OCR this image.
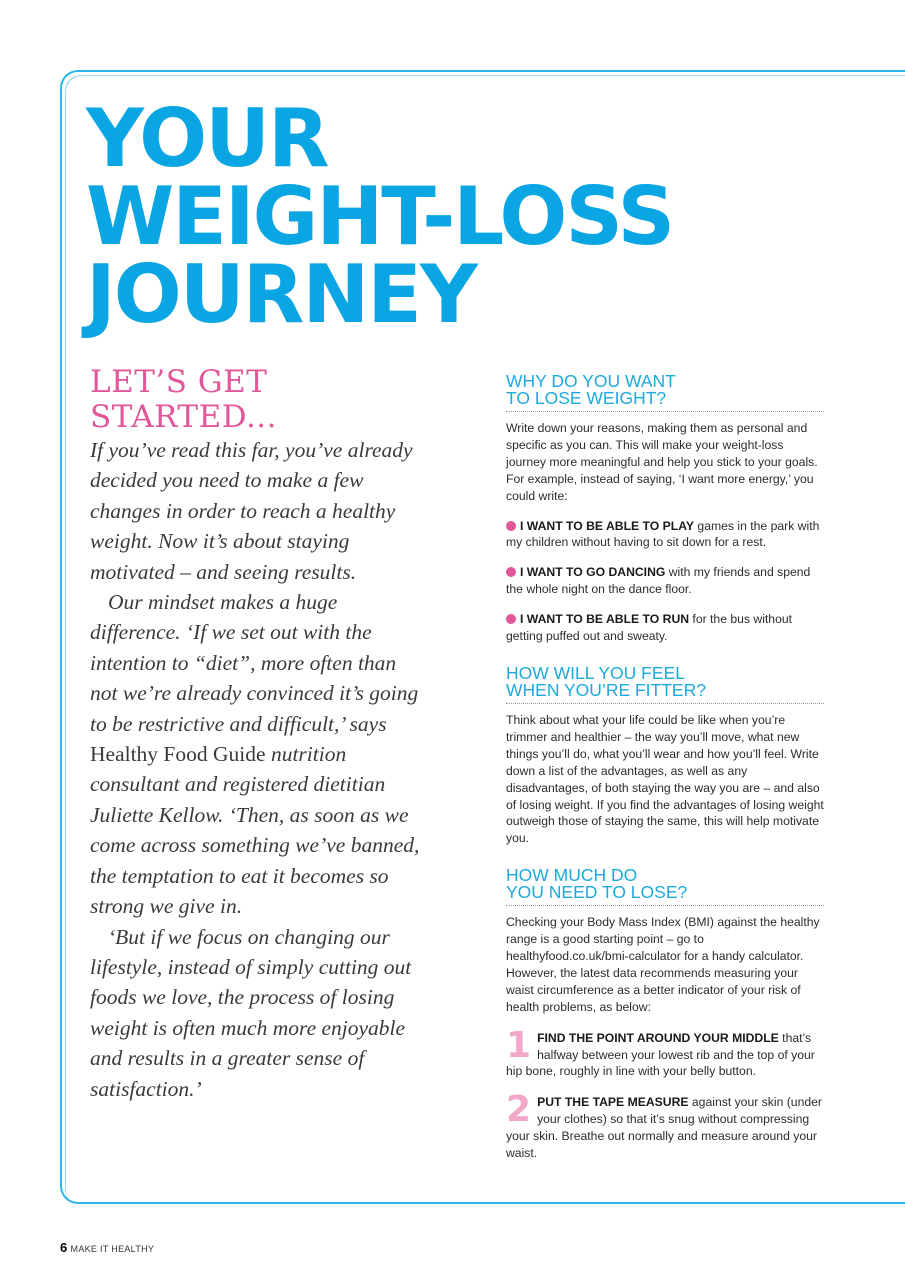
YOUR
WEIGHT-LOSS
JOURNEY
LET’S GET
STARTED...

If you’ve read this far, you’ve already decided you need to make a few changes in order to reach a healthy weight. Now it’s about staying motivated – and seeing results.

Our mindset makes a huge difference. ‘If we set out with the intention to “diet”, more often than not we’re already convinced it’s going to be restrictive and difficult,’ says Healthy Food Guide nutrition consultant and registered dietitian Juliette Kellow. ‘Then, as soon as we come across something we’ve banned, the temptation to eat it becomes so strong we give in.

‘But if we focus on changing our lifestyle, instead of simply cutting out foods we love, the process of losing weight is often much more enjoyable and results in a greater sense of satisfaction.’

WHY DO YOU WANT
TO LOSE WEIGHT?

Write down your reasons, making them as personal and specific as you can. This will make your weight-loss journey more meaningful and help you stick to your goals. For example, instead of saying, ‘I want more energy,’ you could write:

I WANT TO BE ABLE TO PLAY games in the park with my children without having to sit down for a rest.

I WANT TO GO DANCING with my friends and spend the whole night on the dance floor.

I WANT TO BE ABLE TO RUN for the bus without getting puffed out and sweaty.

HOW WILL YOU FEEL
WHEN YOU’RE FITTER?

Think about what your life could be like when you’re trimmer and healthier – the way you’ll move, what new things you’ll do, what you’ll wear and how you’ll feel. Write down a list of the advantages, as well as any disadvantages, of both staying the way you are – and also of losing weight. If you find the advantages of losing weight outweigh those of staying the same, this will help motivate you.

HOW MUCH DO
YOU NEED TO LOSE?

Checking your Body Mass Index (BMI) against the healthy range is a good starting point – go to healthyfood.co.uk/bmi-calculator for a handy calculator. However, the latest data recommends measuring your waist circumference as a better indicator of your risk of health problems, as below:

1 FIND THE POINT AROUND YOUR MIDDLE that’s halfway between your lowest rib and the top of your hip bone, roughly in line with your belly button.

2 PUT THE TAPE MEASURE against your skin (under your clothes) so that it’s snug without compressing your skin. Breathe out normally and measure around your waist.

6 MAKE IT HEALTHY
